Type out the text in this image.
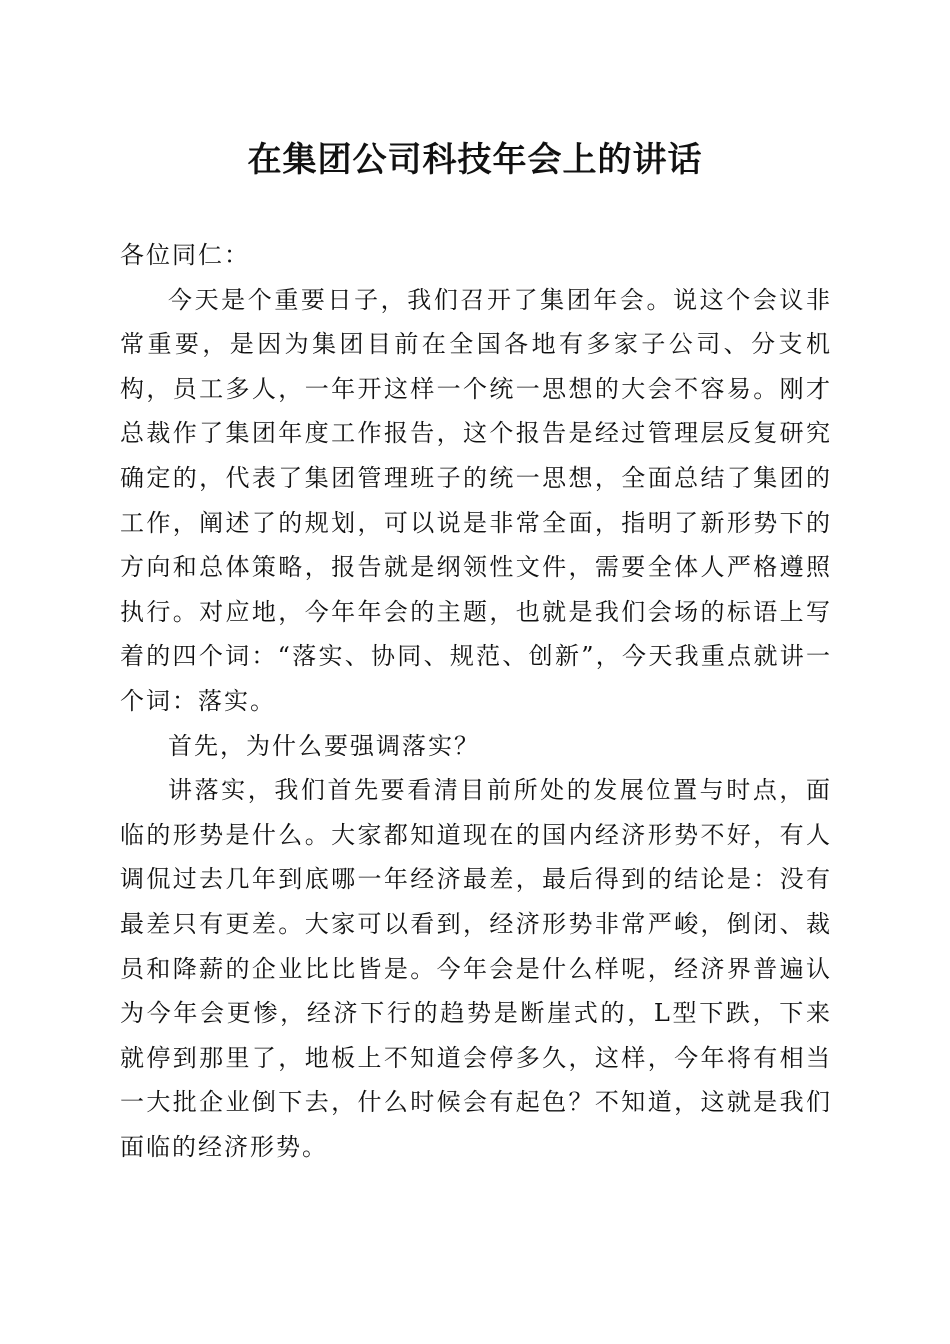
在集团公司科技年会上的讲话

各位同仁：

今天是个重要日子，我们召开了集团年会。说这个会议非常重要，是因为集团目前在全国各地有多家子公司、分支机构，员工多人，一年开这样一个统一思想的大会不容易。刚才总裁作了集团年度工作报告，这个报告是经过管理层反复研究确定的，代表了集团管理班子的统一思想，全面总结了集团的工作，阐述了的规划，可以说是非常全面，指明了新形势下的方向和总体策略，报告就是纲领性文件，需要全体人严格遵照执行。对应地，今年年会的主题，也就是我们会场的标语上写着的四个词：“落实、协同、规范、创新”，今天我重点就讲一个词：落实。

首先，为什么要强调落实？

讲落实，我们首先要看清目前所处的发展位置与时点，面临的形势是什么。大家都知道现在的国内经济形势不好，有人调侃过去几年到底哪一年经济最差，最后得到的结论是：没有最差只有更差。大家可以看到，经济形势非常严峻，倒闭、裁员和降薪的企业比比皆是。今年会是什么样呢，经济界普遍认为今年会更惨，经济下行的趋势是断崖式的，L型下跌，下来就停到那里了，地板上不知道会停多久，这样，今年将有相当一大批企业倒下去，什么时候会有起色？不知道，这就是我们面临的经济形势。
